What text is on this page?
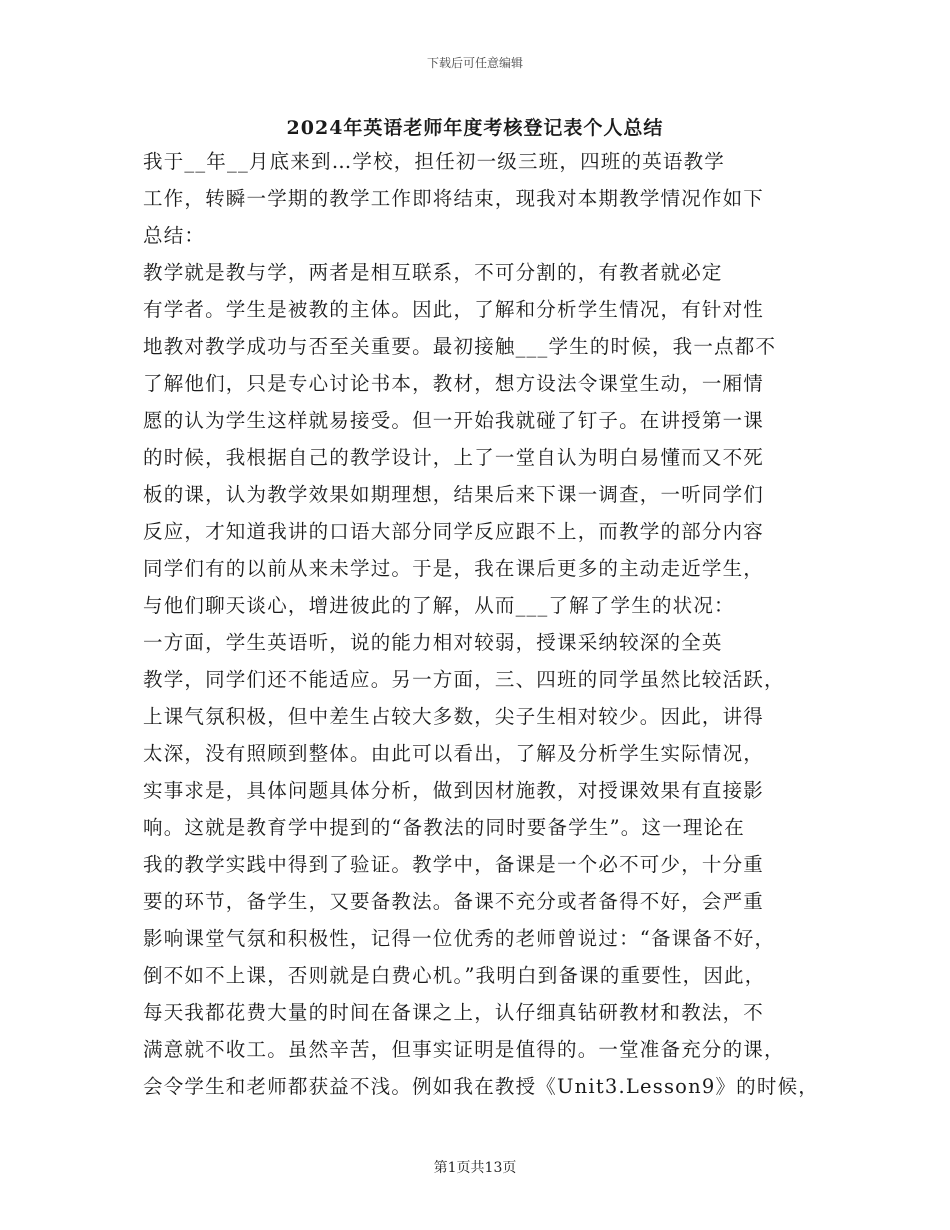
下载后可任意编辑
2024年英语老师年度考核登记表个人总结
我于__年__月底来到…学校，担任初一级三班，四班的英语教学
工作，转瞬一学期的教学工作即将结束，现我对本期教学情况作如下
总结：
教学就是教与学，两者是相互联系，不可分割的，有教者就必定
有学者。学生是被教的主体。因此，了解和分析学生情况，有针对性
地教对教学成功与否至关重要。最初接触___学生的时候，我一点都不
了解他们，只是专心讨论书本，教材，想方设法令课堂生动，一厢情
愿的认为学生这样就易接受。但一开始我就碰了钉子。在讲授第一课
的时候，我根据自己的教学设计，上了一堂自认为明白易懂而又不死
板的课，认为教学效果如期理想，结果后来下课一调查，一听同学们
反应，才知道我讲的口语大部分同学反应跟不上，而教学的部分内容
同学们有的以前从来未学过。于是，我在课后更多的主动走近学生，
与他们聊天谈心，增进彼此的了解，从而___了解了学生的状况：
一方面，学生英语听，说的能力相对较弱，授课采纳较深的全英
教学，同学们还不能适应。另一方面，三、四班的同学虽然比较活跃，
上课气氛积极，但中差生占较大多数，尖子生相对较少。因此，讲得
太深，没有照顾到整体。由此可以看出，了解及分析学生实际情况，
实事求是，具体问题具体分析，做到因材施教，对授课效果有直接影
响。这就是教育学中提到的“备教法的同时要备学生”。这一理论在
我的教学实践中得到了验证。教学中，备课是一个必不可少，十分重
要的环节，备学生，又要备教法。备课不充分或者备得不好，会严重
影响课堂气氛和积极性，记得一位优秀的老师曾说过：“备课备不好，
倒不如不上课，否则就是白费心机。”我明白到备课的重要性，因此，
每天我都花费大量的时间在备课之上，认仔细真钻研教材和教法，不
满意就不收工。虽然辛苦，但事实证明是值得的。一堂准备充分的课，
会令学生和老师都获益不浅。例如我在教授《Unit3.Lesson9》的时候，
第1页共13页
